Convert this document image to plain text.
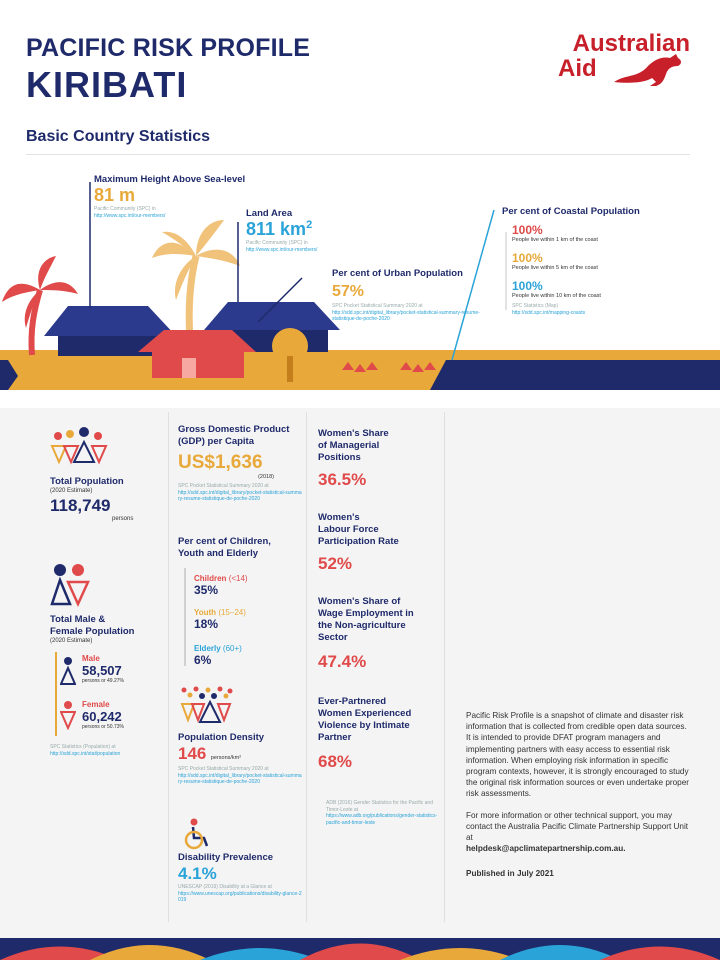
PACIFIC RISK PROFILE
KIRIBATI
Australian
Aid
Basic Country Statistics
Maximum Height Above Sea-level
81 m
Pacific Community (SPC) in
http://www.spc.int/our-members/	Land Area
811 $km^2$
Pacific Community (SPC) in
http://www.spc.int/our-members/
Per cent of Urban Population
57%
SPC Pocket Statistical Summary 2020 at
http://sdd.spc.int/digital_library/pocket-statistical-summary-resume-statistique-de-poche-2020
Per cent of Coastal Population
100%
People live within 1 km of the coast
100%
People live within 5 km of the coast
100%
People live within 10 km of the coast
SPC Statistics (Map)
http://sdd.spc.int/mapping-coasts
Total Population
(2020 Estimate)
118,749
persons
Total Male &
Female Population
(2020 Estimate)
Male
58,507
persons or 49.27%
Female
60,242
persons or 50.73%
SPC Statistics (Population) at
http://sdd.spc.int/stat/population
Gross Domestic Product
(GDP) per Capita
US$1,636
(2018)
SPC Pocket Statistical Summary 2020 at
http://sdd.spc.int/digital_library/pocket-statistical-summary-resume-statistique-de-poche-2020
Per cent of Children,
Youth and Elderly
Children (<14)
35%
Youth (15–24)
18%
Elderly (60+)
6%
Population Density
146 persons/km²
SPC Pocket Statistical Summary 2020 at
http://sdd.spc.int/digital_library/pocket-statistical-summary-resume-statistique-de-poche-2020
Disability Prevalence
4.1%
UNESCAP (2019) Disability at a Glance at
https://www.unescap.org/publications/disability-glance-2019
Women's Share
of Managerial
Positions
36.5%
Women's
Labour Force
Participation Rate
52%
Women's Share of
Wage Employment in
the Non-agriculture
Sector
47.4%
Ever-Partnered
Women Experienced
Violence by Intimate
Partner
68%
ADB (2016) Gender Statistics for the Pacific and Timor-Leste at
https://www.adb.org/publications/gender-statistics-pacific-and-timor-leste

Pacific Risk Profile is a snapshot of climate and disaster risk information that is collected from credible open data sources. It is intended to provide DFAT program managers and implementing partners with easy access to essential risk information. When employing risk information in specific program contexts, however, it is strongly encouraged to study the original risk information sources or even undertake proper risk assessments.

For more information or other technical support, you may contact the Australia Pacific Climate Partnership Support Unit at

helpdesk@apclimatepartnership.com.au.

Published in July 2021
